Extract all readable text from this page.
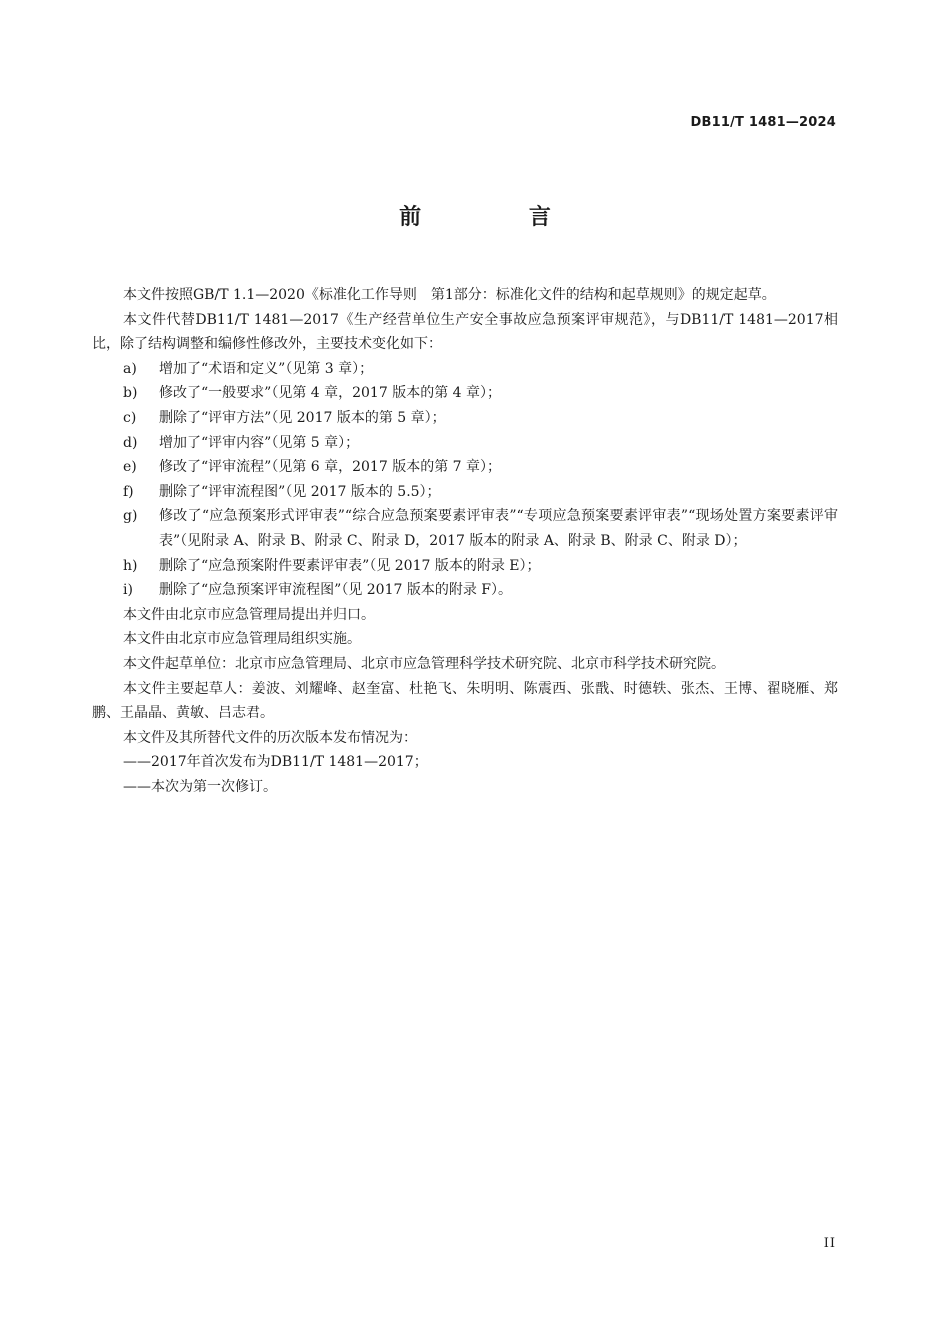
DB11/T 1481—2024
前 言

本文件按照GB/T 1.1—2020《标准化工作导则　第1部分：标准化文件的结构和起草规则》的规定起草。

本文件代替DB11/T 1481—2017《生产经营单位生产安全事故应急预案评审规范》，与DB11/T 1481—2017相比，除了结构调整和编修性修改外，主要技术变化如下：

a)	增加了“术语和定义”（见第 3 章）；
b)	修改了“一般要求”（见第 4 章，2017 版本的第 4 章）；
c)	删除了“评审方法”（见 2017 版本的第 5 章）；
d)	增加了“评审内容”（见第 5 章）；
e)	修改了“评审流程”（见第 6 章，2017 版本的第 7 章）；
f)	删除了“评审流程图”（见 2017 版本的 5.5）；
g)	修改了“应急预案形式评审表”“综合应急预案要素评审表”“专项应急预案要素评审表”“现场处置方案要素评审表”（见附录 A、附录 B、附录 C、附录 D，2017 版本的附录 A、附录 B、附录 C、附录 D）；
h)	删除了“应急预案附件要素评审表”（见 2017 版本的附录 E）；
i)	删除了“应急预案评审流程图”（见 2017 版本的附录 F）。

本文件由北京市应急管理局提出并归口。

本文件由北京市应急管理局组织实施。

本文件起草单位：北京市应急管理局、北京市应急管理科学技术研究院、北京市科学技术研究院。

本文件主要起草人：姜波、刘耀峰、赵奎富、杜艳飞、朱明明、陈震西、张戬、时德轶、张杰、王博、翟晓雁、郑鹏、王晶晶、黄敏、吕志君。

本文件及其所替代文件的历次版本发布情况为：

——2017年首次发布为DB11/T 1481—2017；

——本次为第一次修订。

II
